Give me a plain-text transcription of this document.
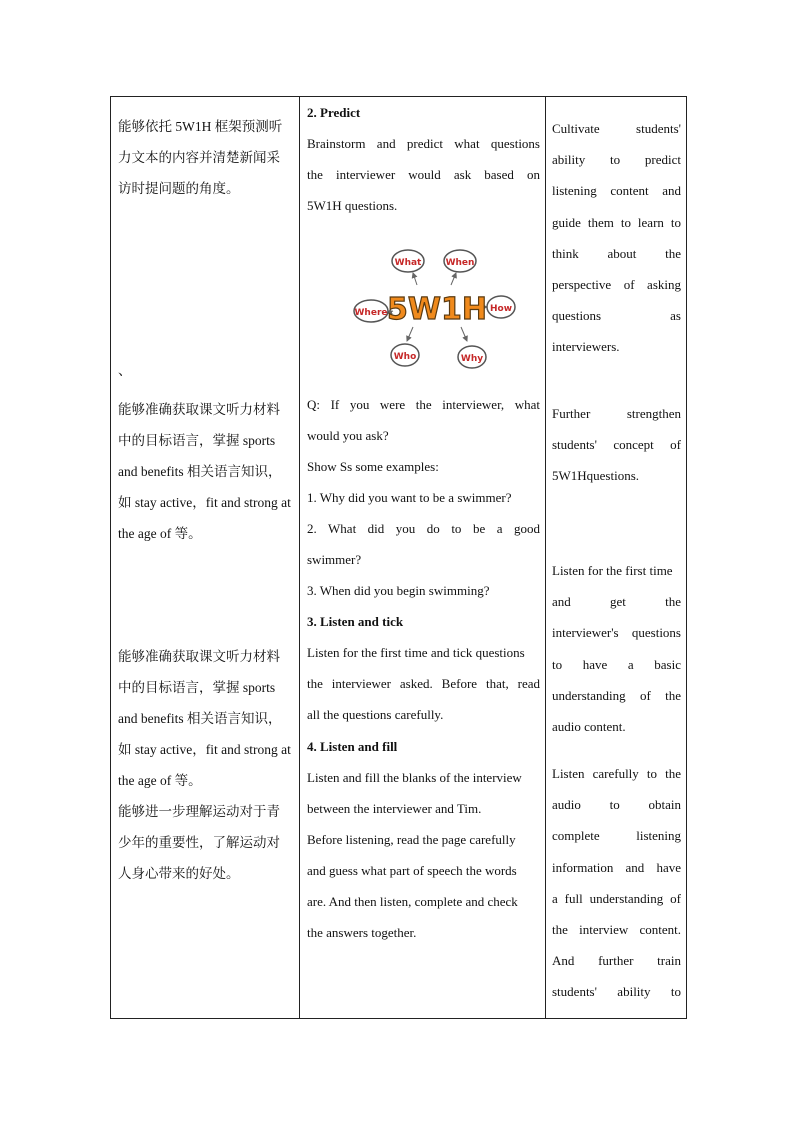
能够依托 5W1H 框架预测听

力文本的内容并清楚新闻采

访时提问题的角度。

、

能够准确获取课文听力材料

中的目标语言，掌握 sports

and benefits 相关语言知识，

如 stay active，fit and strong at

the age of 等。

能够准确获取课文听力材料

中的目标语言，掌握 sports

and benefits 相关语言知识，

如 stay active，fit and strong at

the age of 等。

能够进一步理解运动对于青

少年的重要性，了解运动对

人身心带来的好处。

2. Predict

Brainstorm and predict what questions

the interviewer would ask based on

5W1H questions.

What	When
How
Why
Who
Where 5W1H

Q: If you were the interviewer, what

would you ask?

Show Ss some examples:

1. Why did you want to be a swimmer?

2. What did you do to be a good

swimmer?

3. When did you begin swimming?

3. Listen and tick

Listen for the first time and tick questions

the interviewer asked. Before that, read

all the questions carefully.

4. Listen and fill

Listen and fill the blanks of the interview

between the interviewer and Tim.

Before listening, read the page carefully

and guess what part of speech the words

are. And then listen, complete and check

the answers together.

Cultivate students'

ability to predict

listening content and

guide them to learn to

think about the

perspective of asking

questions as

interviewers.

Further strengthen

students' concept of

5W1Hquestions.

Listen for the first time

and get the

interviewer's questions

to have a basic

understanding of the

audio content.

Listen carefully to the

audio to obtain

complete listening

information and have

a full understanding of

the interview content.

And further train

students' ability to
